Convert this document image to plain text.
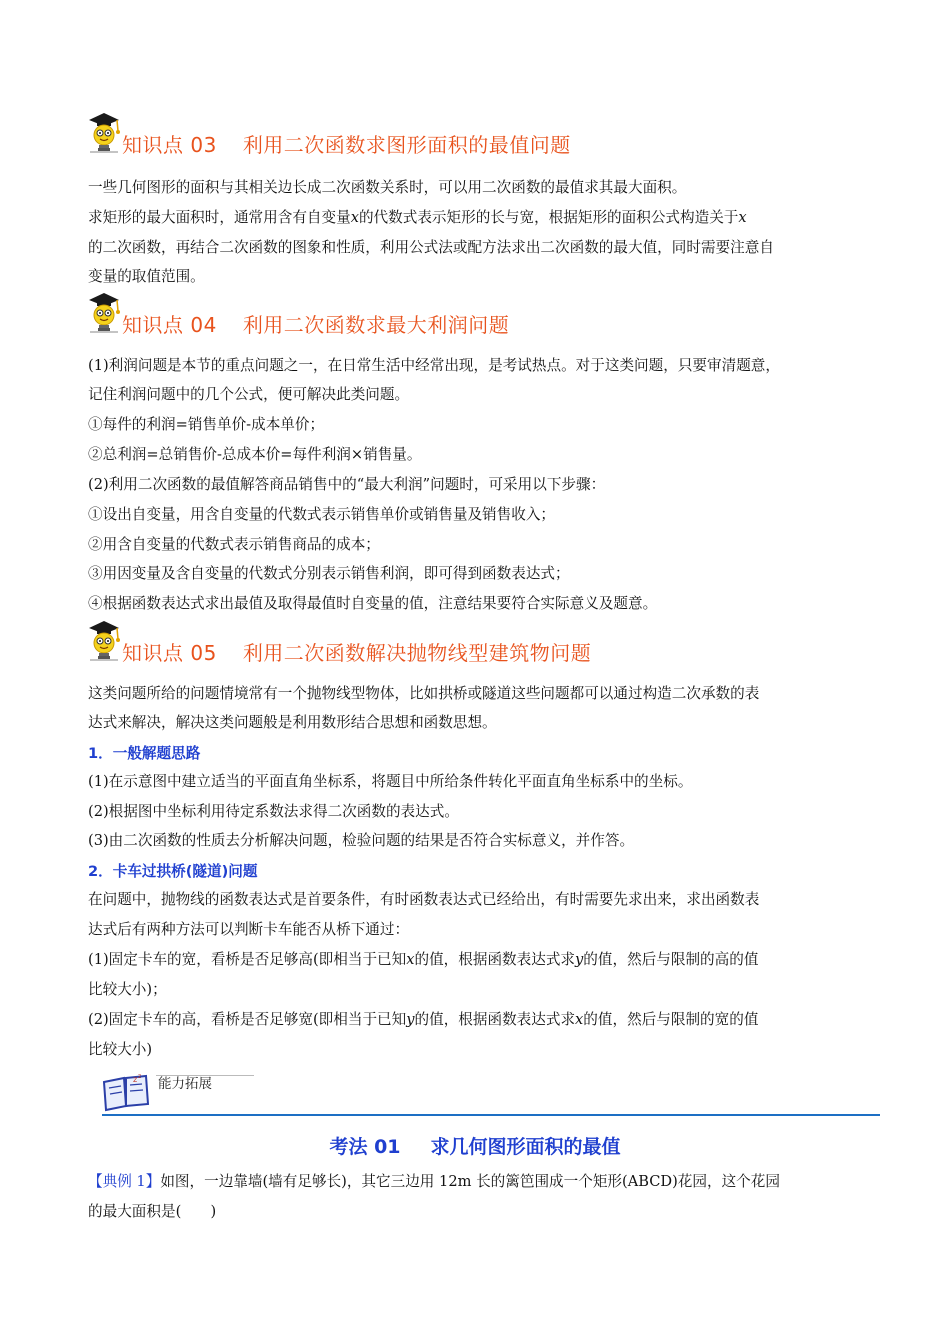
知识点 03 利用二次函数求图形面积的最值问题
一些几何图形的面积与其相关边长成二次函数关系时，可以用二次函数的最值求其最大面积。
求矩形的最大面积时，通常用含有自变量x的代数式表示矩形的长与宽，根据矩形的面积公式构造关于x
的二次函数，再结合二次函数的图象和性质，利用公式法或配方法求出二次函数的最大值，同时需要注意自
变量的取值范围。
知识点 04 利用二次函数求最大利润问题
(1)利润问题是本节的重点问题之一，在日常生活中经常出现，是考试热点。对于这类问题，只要审清题意，
记住利润问题中的几个公式，便可解决此类问题。
①每件的利润=销售单价-成本单价；
②总利润=总销售价-总成本价=每件利润×销售量。
(2)利用二次函数的最值解答商品销售中的“最大利润”问题时，可采用以下步骤：
①设出自变量，用含自变量的代数式表示销售单价或销售量及销售收入；
②用含自变量的代数式表示销售商品的成本；
③用因变量及含自变量的代数式分别表示销售利润，即可得到函数表达式；
④根据函数表达式求出最值及取得最值时自变量的值，注意结果要符合实际意义及题意。
知识点 05 利用二次函数解决抛物线型建筑物问题
这类问题所给的问题情境常有一个抛物线型物体，比如拱桥或隧道这些问题都可以通过构造二次承数的表
达式来解决，解决这类问题般是利用数形结合思想和函数思想。
1．一般解题思路
(1)在示意图中建立适当的平面直角坐标系，将题目中所给条件转化平面直角坐标系中的坐标。
(2)根据图中坐标利用待定系数法求得二次函数的表达式。
(3)由二次函数的性质去分析解决问题，检验问题的结果是否符合实标意义，并作答。
2．卡车过拱桥(隧道)问题
在问题中，抛物线的函数表达式是首要条件，有时函数表达式已经给出，有时需要先求出来，求出函数表
达式后有两种方法可以判断卡车能否从桥下通过：
(1)固定卡车的宽，看桥是否足够高(即相当于已知x的值，根据函数表达式求y的值，然后与限制的高的值
比较大小)；
(2)固定卡车的高，看桥是否足够宽(即相当于已知y的值，根据函数表达式求x的值，然后与限制的宽的值
比较大小)
z z 能力拓展
考法 01 求几何图形面积的最值
【典例 1】如图，一边靠墙(墙有足够长)，其它三边用 12m 长的篱笆围成一个矩形(ABCD)花园，这个花园
的最大面积是(　　)
